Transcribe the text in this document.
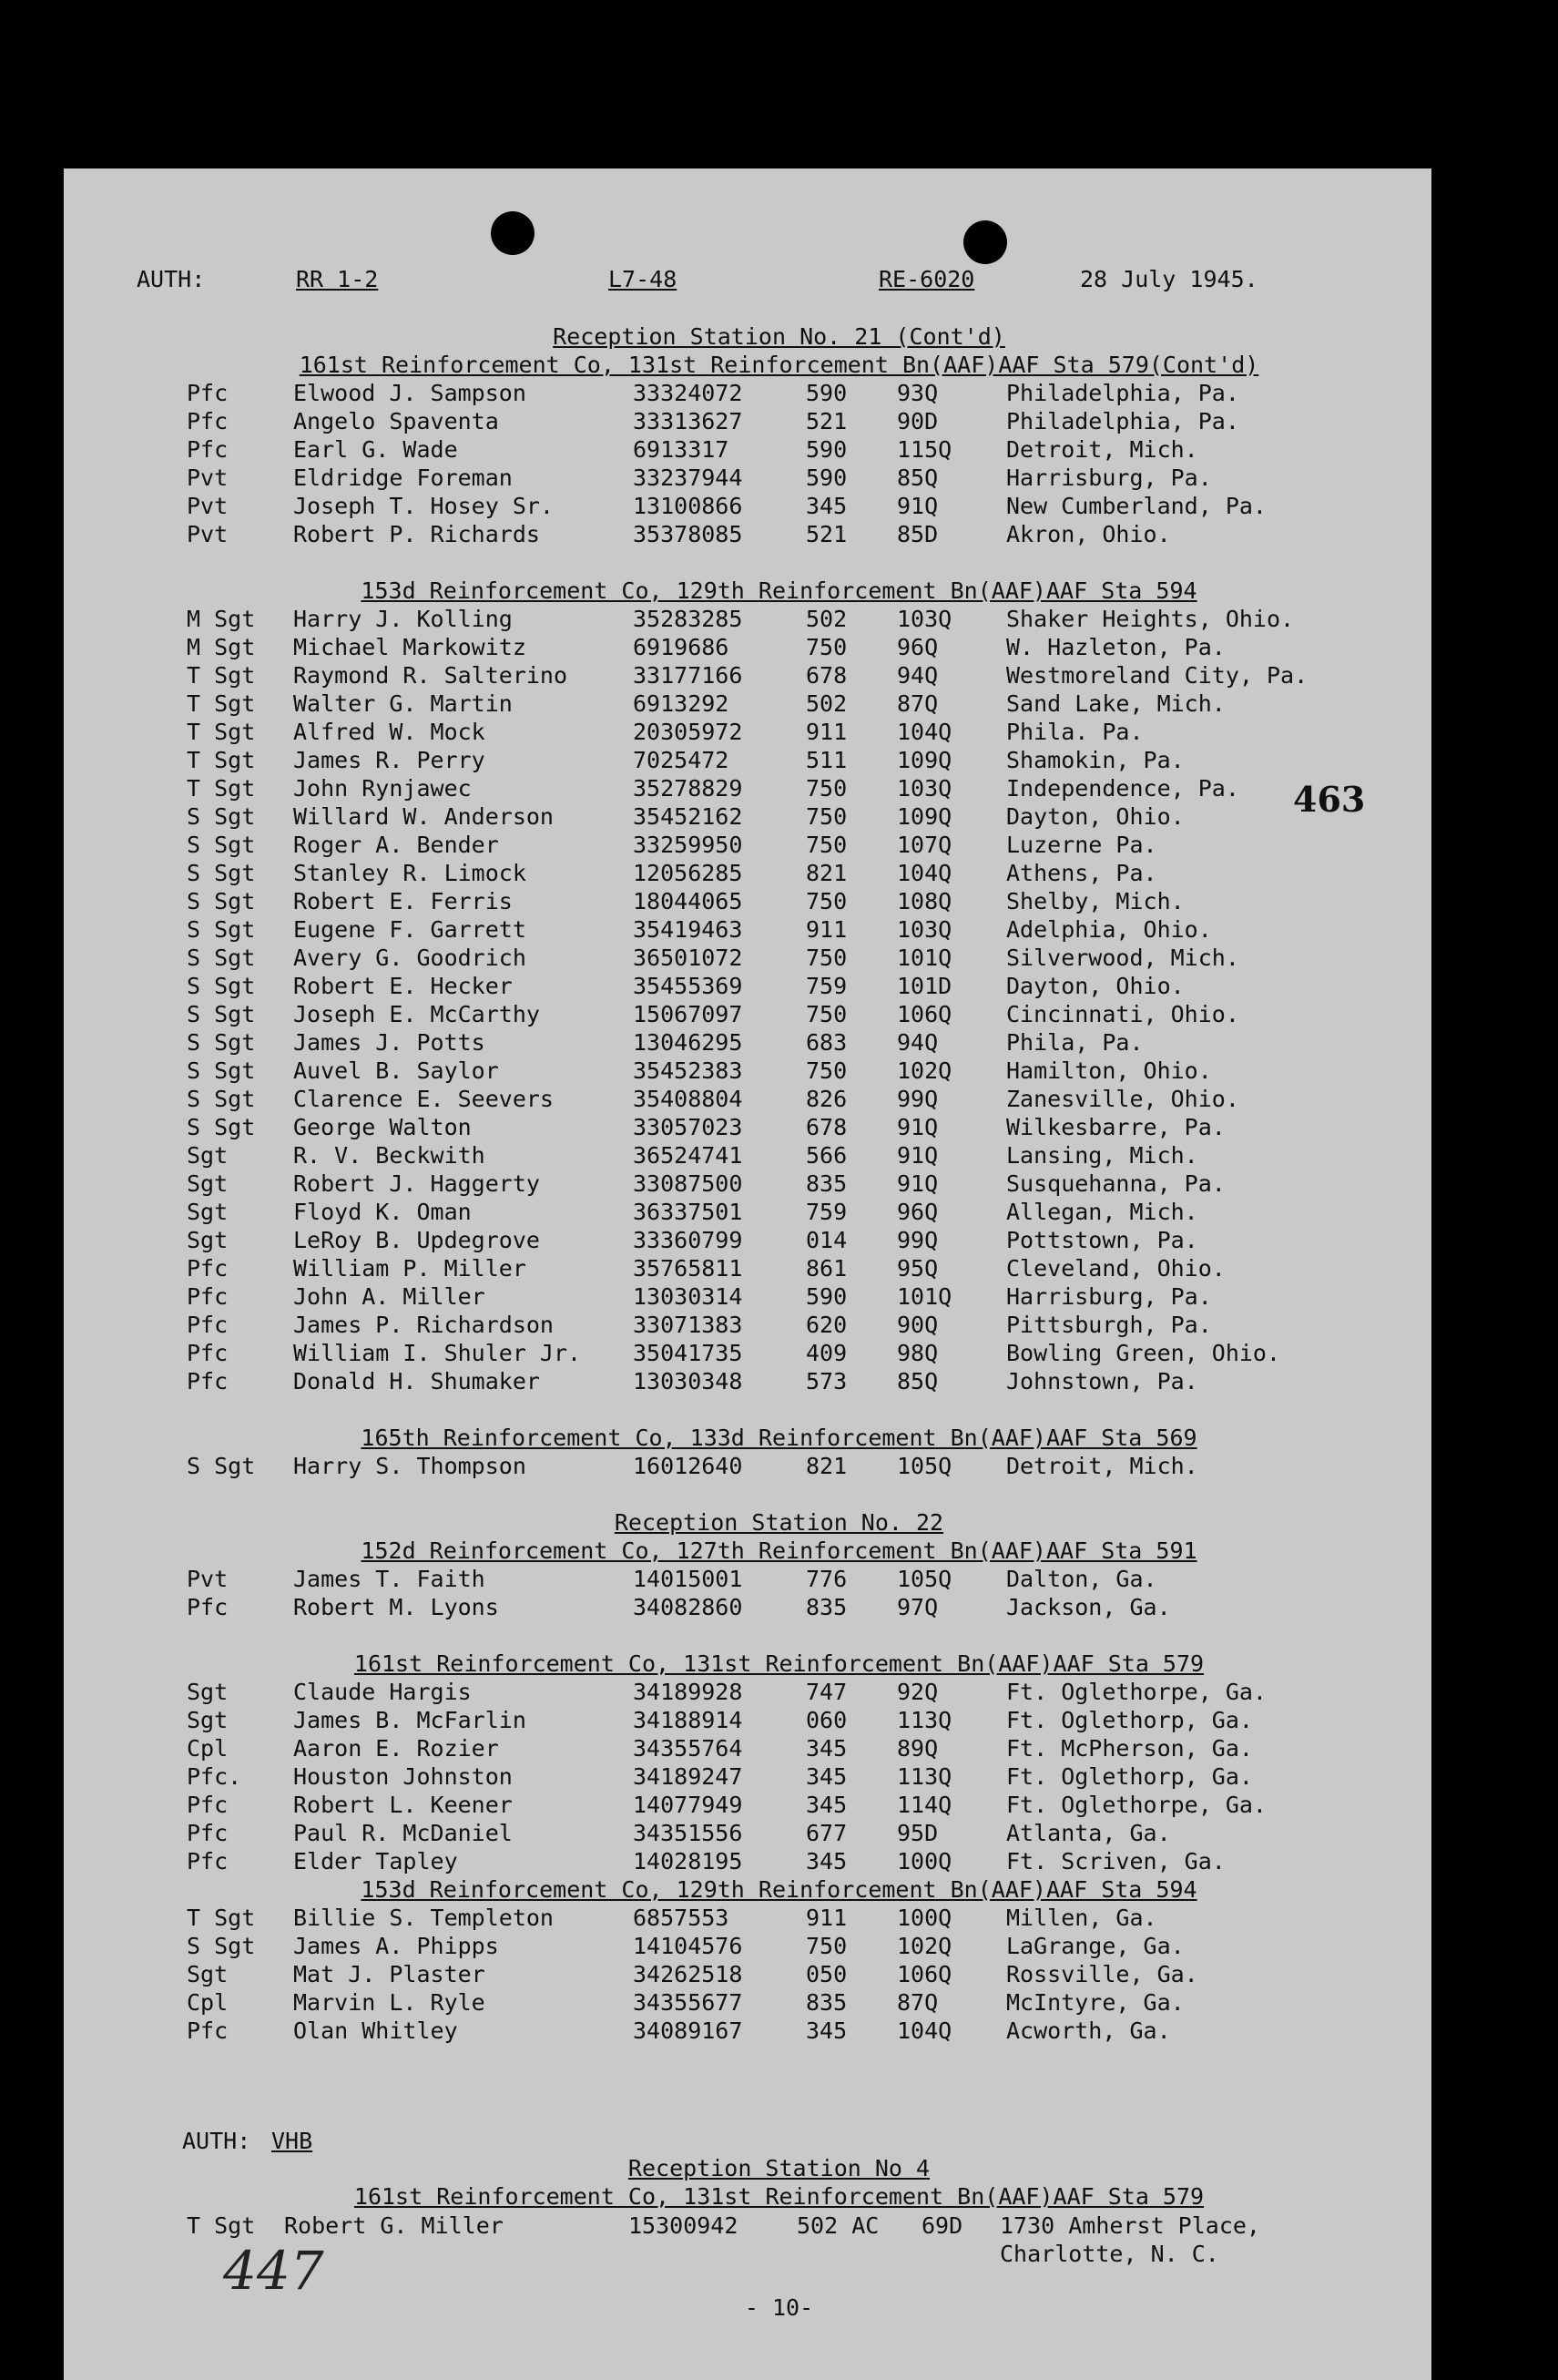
AUTH:	RR 1-2	L7-48	RE-6020	28 July 1945.
463
Reception Station No. 21 (Cont'd)
161st Reinforcement Co, 131st Reinforcement Bn(AAF)AAF Sta 579(Cont'd)
Pfc	Elwood J. Sampson	33324072	590 93Q	Philadelphia, Pa.
Pfc	Angelo Spaventa	33313627	521 90D	Philadelphia, Pa.
Pfc	Earl G. Wade	6913317	590 115Q Detroit, Mich.
Pvt	Eldridge Foreman	33237944	590 85Q	Harrisburg, Pa.
Pvt	Joseph T. Hosey Sr.	13100866	345 91Q	New Cumberland, Pa.
Pvt	Robert P. Richards	35378085	521 85D	Akron, Ohio.
153d Reinforcement Co, 129th Reinforcement Bn(AAF)AAF Sta 594
M Sgt Harry J. Kolling	35283285	502 103Q Shaker Heights, Ohio.
M Sgt Michael Markowitz	6919686	750 96Q	W. Hazleton, Pa.
T Sgt Raymond R. Salterino	33177166	678 94Q	Westmoreland City, Pa.
T Sgt Walter G. Martin	6913292	502 87Q	Sand Lake, Mich.
T Sgt Alfred W. Mock	20305972	911 104Q Phila. Pa.
T Sgt James R. Perry	7025472	511 109Q Shamokin, Pa.
T Sgt John Rynjawec	35278829	750 103Q Independence, Pa.
S Sgt Willard W. Anderson	35452162	750 109Q Dayton, Ohio.
S Sgt Roger A. Bender	33259950	750 107Q Luzerne Pa.
S Sgt Stanley R. Limock	12056285	821 104Q Athens, Pa.
S Sgt Robert E. Ferris	18044065	750 108Q Shelby, Mich.
S Sgt Eugene F. Garrett	35419463	911 103Q Adelphia, Ohio.
S Sgt Avery G. Goodrich	36501072	750 101Q Silverwood, Mich.
S Sgt Robert E. Hecker	35455369	759 101D Dayton, Ohio.
S Sgt Joseph E. McCarthy	15067097	750 106Q Cincinnati, Ohio.
S Sgt James J. Potts	13046295	683 94Q	Phila, Pa.
S Sgt Auvel B. Saylor	35452383	750 102Q Hamilton, Ohio.
S Sgt Clarence E. Seevers	35408804	826 99Q	Zanesville, Ohio.
S Sgt George Walton	33057023	678 91Q	Wilkesbarre, Pa.
Sgt	R. V. Beckwith	36524741	566 91Q	Lansing, Mich.
Sgt	Robert J. Haggerty	33087500	835 91Q	Susquehanna, Pa.
Sgt	Floyd K. Oman	36337501	759 96Q	Allegan, Mich.
Sgt	LeRoy B. Updegrove	33360799	014 99Q	Pottstown, Pa.
Pfc	William P. Miller	35765811	861 95Q	Cleveland, Ohio.
Pfc	John A. Miller	13030314	590 101Q Harrisburg, Pa.
Pfc	James P. Richardson	33071383	620 90Q	Pittsburgh, Pa.
Pfc	William I. Shuler Jr. 35041735	409 98Q	Bowling Green, Ohio.
Pfc	Donald H. Shumaker	13030348	573 85Q	Johnstown, Pa.
165th Reinforcement Co, 133d Reinforcement Bn(AAF)AAF Sta 569
S Sgt Harry S. Thompson	16012640	821 105Q Detroit, Mich.
Reception Station No. 22
152d Reinforcement Co, 127th Reinforcement Bn(AAF)AAF Sta 591
Pvt	James T. Faith	14015001	776 105Q Dalton, Ga.
Pfc	Robert M. Lyons	34082860	835 97Q	Jackson, Ga.
161st Reinforcement Co, 131st Reinforcement Bn(AAF)AAF Sta 579
Sgt	Claude Hargis	34189928	747 92Q	Ft. Oglethorpe, Ga.
Sgt	James B. McFarlin	34188914	060 113Q Ft. Oglethorp, Ga.
Cpl	Aaron E. Rozier	34355764	345 89Q	Ft. McPherson, Ga.
Pfc. Houston Johnston	34189247	345 113Q Ft. Oglethorp, Ga.
Pfc	Robert L. Keener	14077949	345 114Q Ft. Oglethorpe, Ga.
Pfc	Paul R. McDaniel	34351556	677 95D	Atlanta, Ga.
Pfc	Elder Tapley	14028195	345 100Q Ft. Scriven, Ga.
153d Reinforcement Co, 129th Reinforcement Bn(AAF)AAF Sta 594
T Sgt Billie S. Templeton	6857553	911 100Q Millen, Ga.
S Sgt James A. Phipps	14104576	750 102Q LaGrange, Ga.
Sgt	Mat J. Plaster	34262518	050 106Q Rossville, Ga.
Cpl	Marvin L. Ryle	34355677	835 87Q	McIntyre, Ga.
Pfc	Olan Whitley	34089167	345 104Q Acworth, Ga.
AUTH: VHB
Reception Station No 4
161st Reinforcement Co, 131st Reinforcement Bn(AAF)AAF Sta 579
T Sgt Robert G. Miller	15300942	502 AC 69D 1730 Amherst Place,
Charlotte, N. C.
447
- 10-
